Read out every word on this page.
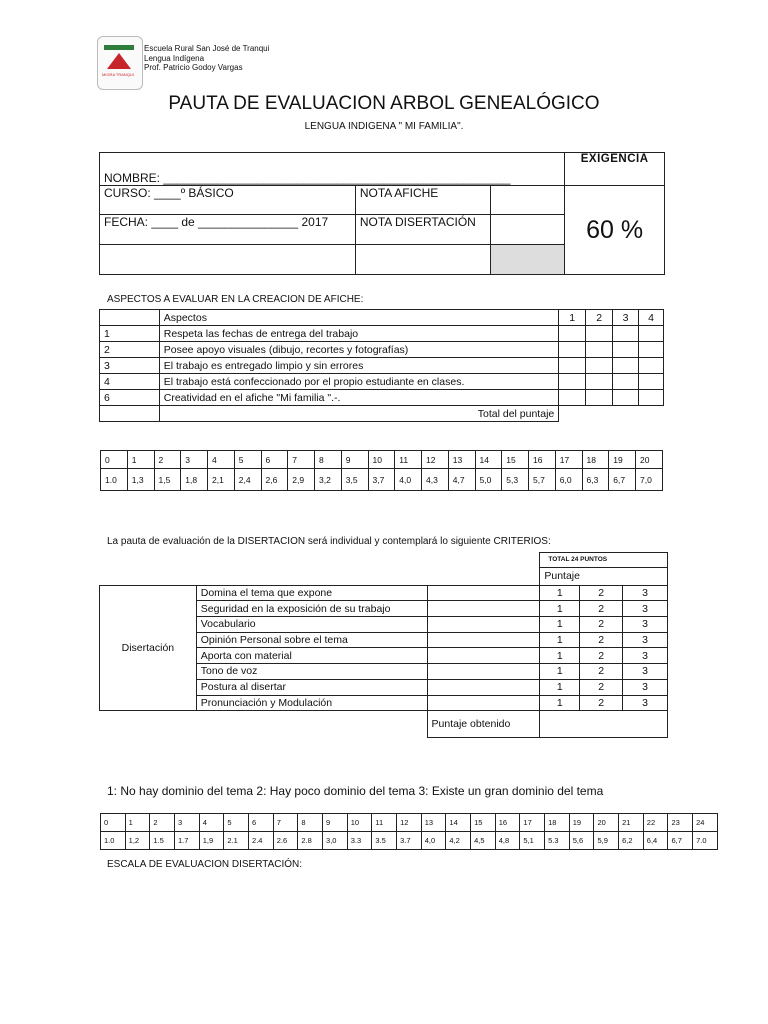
MIGRA TRANQUI
Escuela Rural San José de Tranqui
Lengua Indígena
Prof. Patricio Godoy Vargas
PAUTA DE EVALUACION ARBOL GENEALÓGICO
LENGUA INDIGENA " MI FAMILIA".
NOMBRE: ____________________________________________________			EXIGENCIA
CURSO: ____º BÁSICO	NOTA AFICHE		60 %
FECHA: ____ de _______________ 2017	NOTA DISERTACIÓN		

ASPECTOS A EVALUAR EN LA CREACION DE AFICHE:
	Aspectos	1	2	3	4
1	Respeta las fechas de entrega del trabajo				
2	Posee apoyo visuales (dibujo, recortes y fotografías)				
3	El trabajo es entregado limpio y sin errores				
4	El trabajo está confeccionado por el propio estudiante en clases.				
6	Creatividad en el afiche "Mi familia ".-.				
	Total del puntaje				
0	1	2	3	4	5	6	7	8	9	10	11	12	13	14	15	16	17	18	19	20
1.0	1,3	1,5	1,8	2,1	2,4	2,6	2,9	3,2	3,5	3,7	4,0	4,3	4,7	5,0	5,3	5,7	6,0	6,3	6,7	7,0
La pauta de evaluación de la DISERTACION será individual y contemplará lo siguiente CRITERIOS:
			TOTAL 24 PUNTOS		
			Puntaje		
Disertación	Domina el tema que expone		1	2	3
	Seguridad en la exposición de su trabajo		1	2	3
	Vocabulario		1	2	3
	Opinión Personal sobre el tema		1	2	3
	Aporta con material		1	2	3
	Tono de voz		1	2	3
	Postura al disertar		1	2	3
	Pronunciación y Modulación		1	2	3
		Puntaje obtenido			
1: No hay dominio del tema 2: Hay poco dominio del tema 3: Existe un gran dominio del tema
0	1	2	3	4	5	6	7	8	9	10	11	12	13	14	15	16	17	18	19	20	21	22	23	24
1.0	1,2	1.5	1.7	1,9	2.1	2.4	2.6	2.8	3,0	3.3	3.5	3.7	4,0	4,2	4,5	4,8	5,1	5.3	5,6	5,9	6,2	6,4	6,7	7.0
ESCALA DE EVALUACION DISERTACIÓN:
